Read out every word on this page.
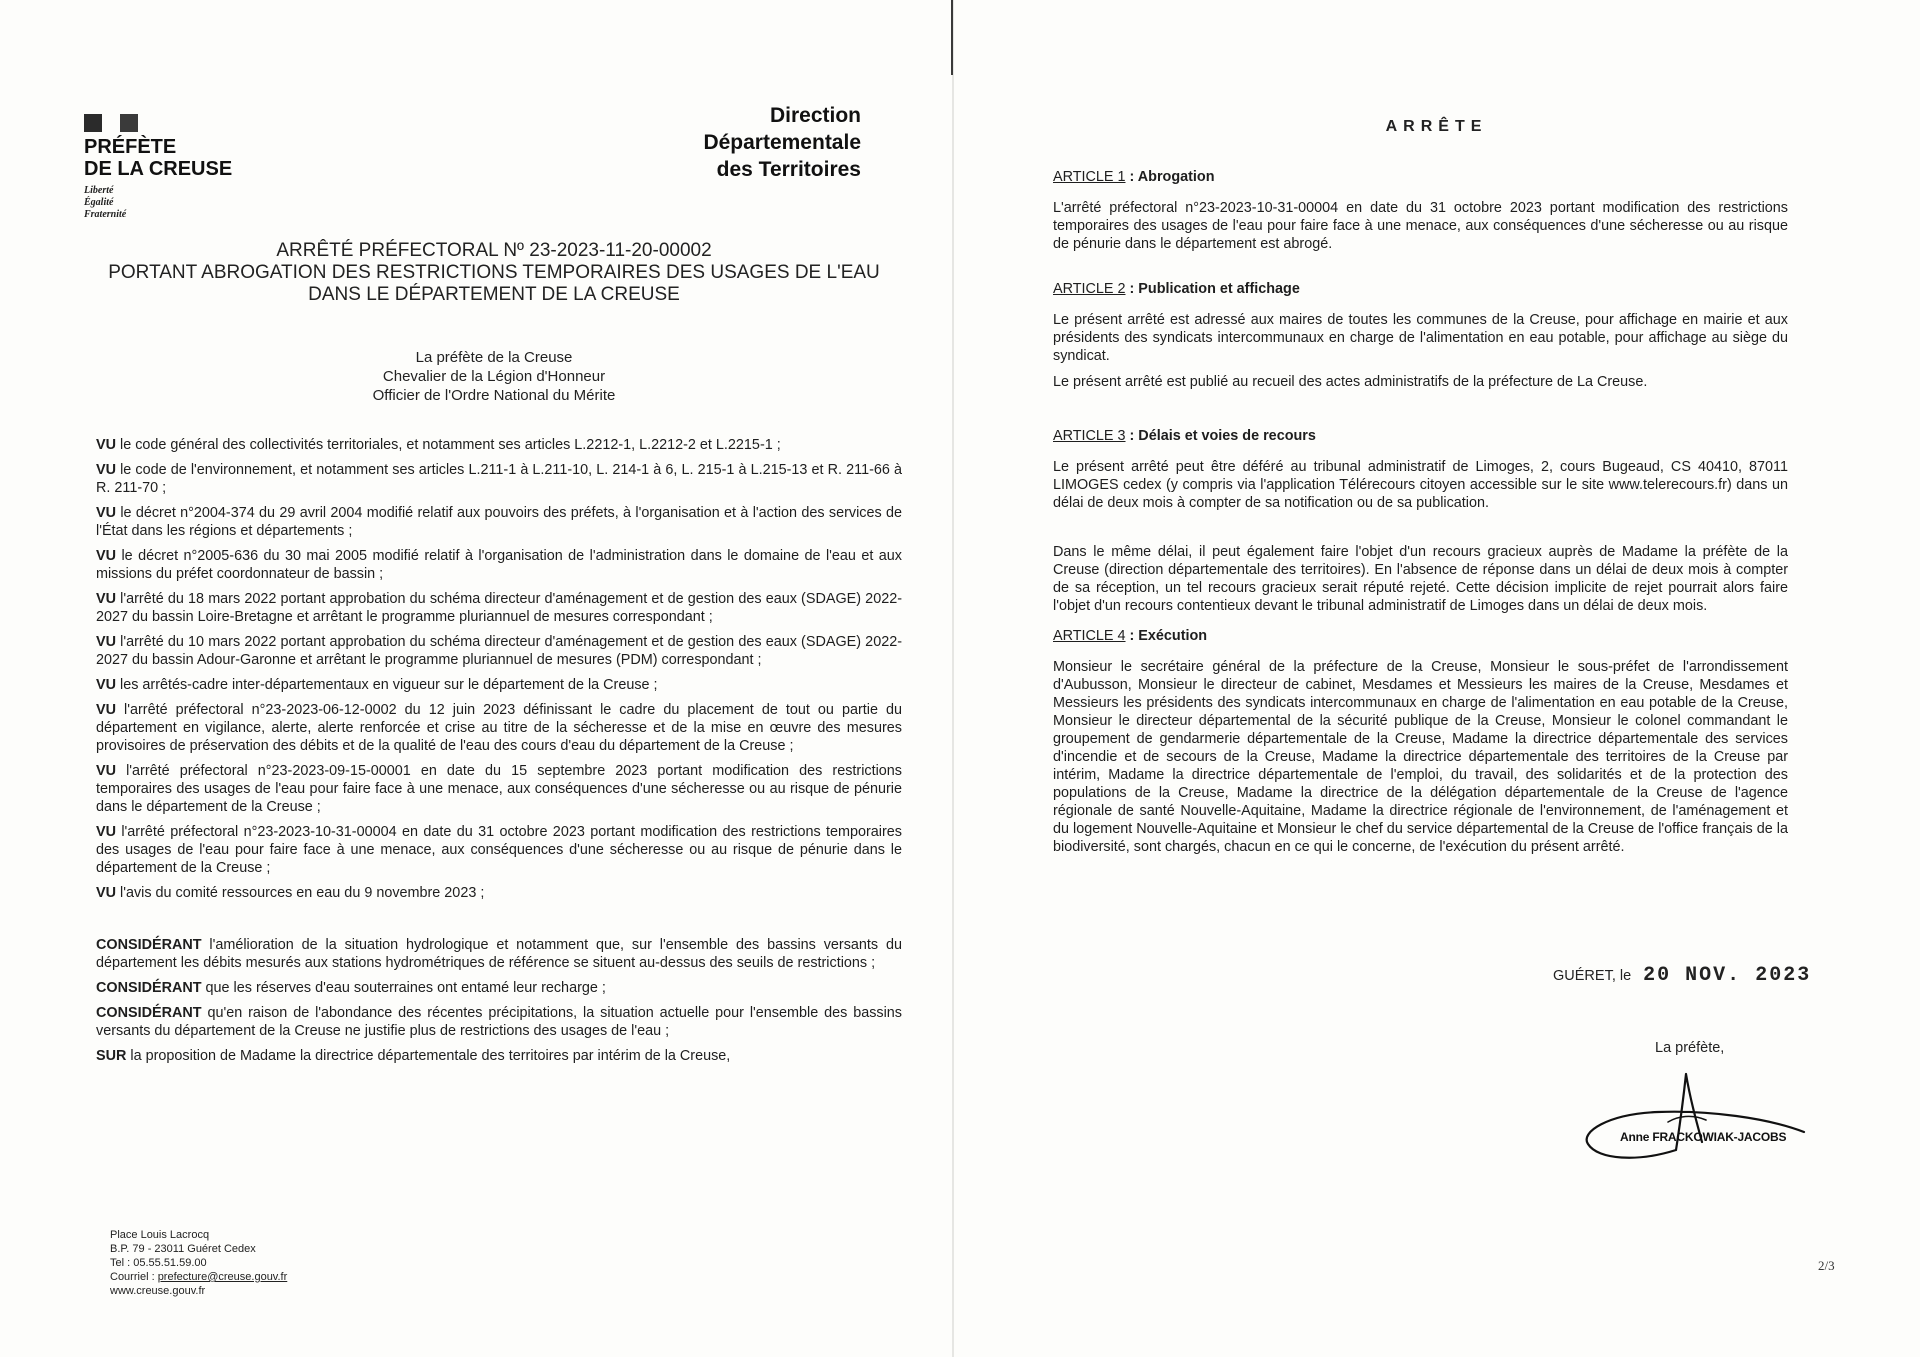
PRÉFÈTE
DE LA CREUSE
Liberté
Égalité
Fraternité
Direction
Départementale
des Territoires
ARRÊTÉ PRÉFECTORAL Nº 23-2023-11-20-00002
PORTANT ABROGATION DES RESTRICTIONS TEMPORAIRES DES USAGES DE L'EAU
DANS LE DÉPARTEMENT DE LA CREUSE
La préfète de la Creuse
Chevalier de la Légion d'Honneur
Officier de l'Ordre National du Mérite

VU le code général des collectivités territoriales, et notamment ses articles L.2212-1, L.2212-2 et L.2215-1 ;

VU le code de l'environnement, et notamment ses articles L.211-1 à L.211-10, L. 214-1 à 6, L. 215-1 à L.215-13 et R. 211-66 à R. 211-70 ;

VU le décret n°2004-374 du 29 avril 2004 modifié relatif aux pouvoirs des préfets, à l'organisation et à l'action des services de l'État dans les régions et départements ;

VU le décret n°2005-636 du 30 mai 2005 modifié relatif à l'organisation de l'administration dans le domaine de l'eau et aux missions du préfet coordonnateur de bassin ;

VU l'arrêté du 18 mars 2022 portant approbation du schéma directeur d'aménagement et de gestion des eaux (SDAGE) 2022-2027 du bassin Loire-Bretagne et arrêtant le programme pluriannuel de mesures correspondant ;

VU l'arrêté du 10 mars 2022 portant approbation du schéma directeur d'aménagement et de gestion des eaux (SDAGE) 2022-2027 du bassin Adour-Garonne et arrêtant le programme pluriannuel de mesures (PDM) correspondant ;

VU les arrêtés-cadre inter-départementaux en vigueur sur le département de la Creuse ;

VU l'arrêté préfectoral n°23-2023-06-12-0002 du 12 juin 2023 définissant le cadre du placement de tout ou partie du département en vigilance, alerte, alerte renforcée et crise au titre de la sécheresse et de la mise en œuvre des mesures provisoires de préservation des débits et de la qualité de l'eau des cours d'eau du département de la Creuse ;

VU l'arrêté préfectoral n°23-2023-09-15-00001 en date du 15 septembre 2023 portant modification des restrictions temporaires des usages de l'eau pour faire face à une menace, aux conséquences d'une sécheresse ou au risque de pénurie dans le département de la Creuse ;

VU l'arrêté préfectoral n°23-2023-10-31-00004 en date du 31 octobre 2023 portant modification des restrictions temporaires des usages de l'eau pour faire face à une menace, aux conséquences d'une sécheresse ou au risque de pénurie dans le département de la Creuse ;

VU l'avis du comité ressources en eau du 9 novembre 2023 ;

CONSIDÉRANT l'amélioration de la situation hydrologique et notamment que, sur l'ensemble des bassins versants du département les débits mesurés aux stations hydrométriques de référence se situent au-dessus des seuils de restrictions ;

CONSIDÉRANT que les réserves d'eau souterraines ont entamé leur recharge ;

CONSIDÉRANT qu'en raison de l'abondance des récentes précipitations, la situation actuelle pour l'ensemble des bassins versants du département de la Creuse ne justifie plus de restrictions des usages de l'eau ;

SUR la proposition de Madame la directrice départementale des territoires par intérim de la Creuse,

Place Louis Lacrocq
B.P. 79 - 23011 Guéret Cedex
Tel : 05.55.51.59.00
Courriel : prefecture@creuse.gouv.fr
www.creuse.gouv.fr
ARRÊTE
ARTICLE 1 : Abrogation

L'arrêté préfectoral n°23-2023-10-31-00004 en date du 31 octobre 2023 portant modification des restrictions temporaires des usages de l'eau pour faire face à une menace, aux conséquences d'une sécheresse ou au risque de pénurie dans le département est abrogé.

ARTICLE 2 : Publication et affichage

Le présent arrêté est adressé aux maires de toutes les communes de la Creuse, pour affichage en mairie et aux présidents des syndicats intercommunaux en charge de l'alimentation en eau potable, pour affichage au siège du syndicat.

Le présent arrêté est publié au recueil des actes administratifs de la préfecture de La Creuse.

ARTICLE 3 : Délais et voies de recours

Le présent arrêté peut être déféré au tribunal administratif de Limoges, 2, cours Bugeaud, CS 40410, 87011 LIMOGES cedex (y compris via l'application Télérecours citoyen accessible sur le site www.telerecours.fr) dans un délai de deux mois à compter de sa notification ou de sa publication.

Dans le même délai, il peut également faire l'objet d'un recours gracieux auprès de Madame la préfète de la Creuse (direction départementale des territoires). En l'absence de réponse dans un délai de deux mois à compter de sa réception, un tel recours gracieux serait réputé rejeté. Cette décision implicite de rejet pourrait alors faire l'objet d'un recours contentieux devant le tribunal administratif de Limoges dans un délai de deux mois.

ARTICLE 4 : Exécution

Monsieur le secrétaire général de la préfecture de la Creuse, Monsieur le sous-préfet de l'arrondissement d'Aubusson, Monsieur le directeur de cabinet, Mesdames et Messieurs les maires de la Creuse, Mesdames et Messieurs les présidents des syndicats intercommunaux en charge de l'alimentation en eau potable de la Creuse, Monsieur le directeur départemental de la sécurité publique de la Creuse, Monsieur le colonel commandant le groupement de gendarmerie départementale de la Creuse, Madame la directrice départementale des services d'incendie et de secours de la Creuse, Madame la directrice départementale des territoires de la Creuse par intérim, Madame la directrice départementale de l'emploi, du travail, des solidarités et de la protection des populations de la Creuse, Madame la directrice de la délégation départementale de la Creuse de l'agence régionale de santé Nouvelle-Aquitaine, Madame la directrice régionale de l'environnement, de l'aménagement et du logement Nouvelle-Aquitaine et Monsieur le chef du service départemental de la Creuse de l'office français de la biodiversité, sont chargés, chacun en ce qui le concerne, de l'exécution du présent arrêté.

GUÉRET, le 20 NOV. 2023
La préfète,
Anne FRACKOWIAK-JACOBS
2/3
